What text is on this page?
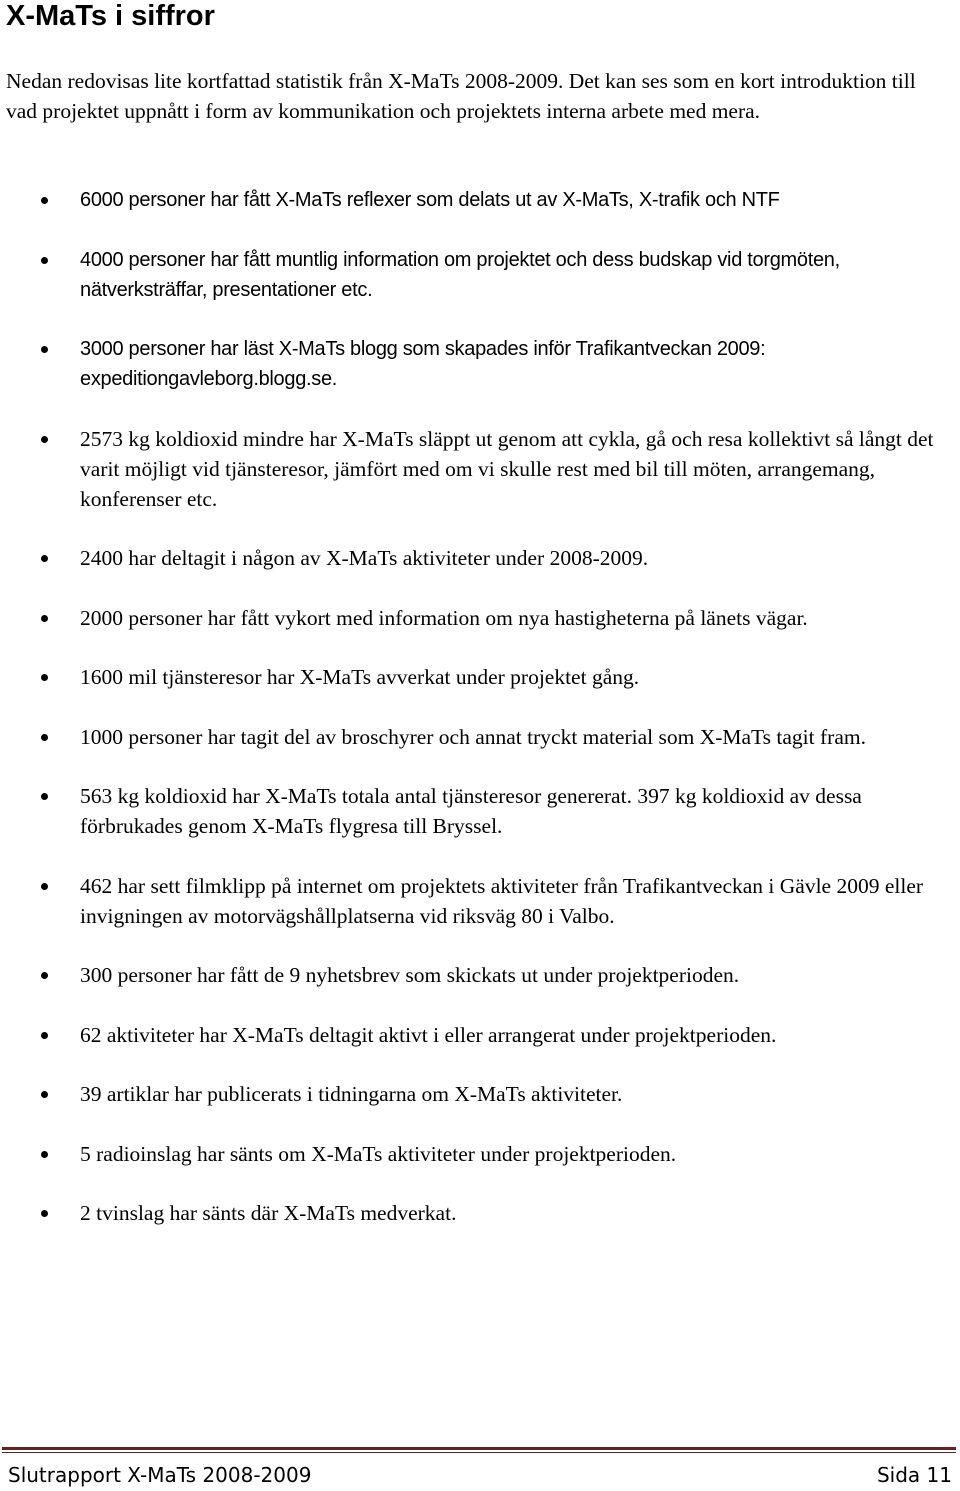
X-MaTs i siffror

Nedan redovisas lite kortfattad statistik från X-MaTs 2008-2009. Det kan ses som en kort introduktion till vad projektet uppnått i form av kommunikation och projektets interna arbete med mera.

6000 personer har fått X-MaTs reflexer som delats ut av X-MaTs, X-trafik och NTF
4000 personer har fått muntlig information om projektet och dess budskap vid torgmöten, nätverksträffar, presentationer etc.
3000 personer har läst X-MaTs blogg som skapades inför Trafikantveckan 2009: expeditiongavleborg.blogg.se.
2573 kg koldioxid mindre har X-MaTs släppt ut genom att cykla, gå och resa kollektivt så långt det varit möjligt vid tjänsteresor, jämfört med om vi skulle rest med bil till möten, arrangemang, konferenser etc.
2400 har deltagit i någon av X-MaTs aktiviteter under 2008-2009.
2000 personer har fått vykort med information om nya hastigheterna på länets vägar.
1600 mil tjänsteresor har X-MaTs avverkat under projektet gång.
1000 personer har tagit del av broschyrer och annat tryckt material som X-MaTs tagit fram.
563 kg koldioxid har X-MaTs totala antal tjänsteresor genererat. 397 kg koldioxid av dessa förbrukades genom X-MaTs flygresa till Bryssel.
462 har sett filmklipp på internet om projektets aktiviteter från Trafikantveckan i Gävle 2009 eller invigningen av motorvägshållplatserna vid riksväg 80 i Valbo.
300 personer har fått de 9 nyhetsbrev som skickats ut under projektperioden.
62 aktiviteter har X-MaTs deltagit aktivt i eller arrangerat under projektperioden.
39 artiklar har publicerats i tidningarna om X-MaTs aktiviteter.
5 radioinslag har sänts om X-MaTs aktiviteter under projektperioden.
2 tvinslag har sänts där X-MaTs medverkat.
Slutrapport X-MaTs 2008-2009	Sida 11
